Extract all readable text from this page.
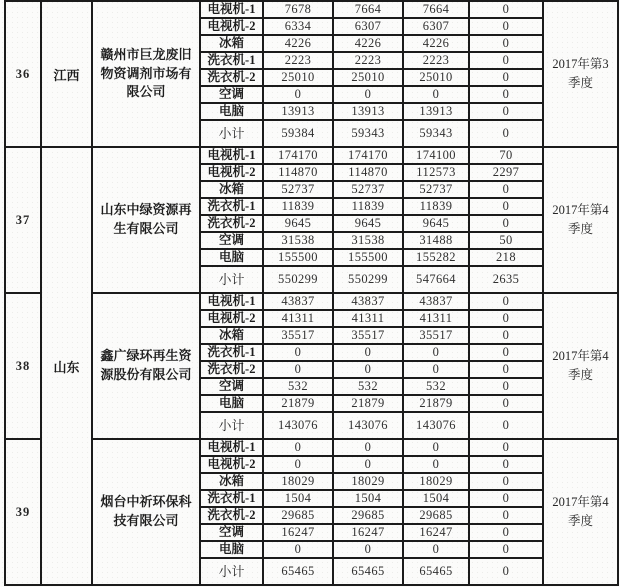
36	江西	赣州市巨龙废旧物资调剂市场有限公司	电视机-1	7678	7664	7664	0	2017年第3季度
			电视机-2	6334	6307	6307	0	
			冰箱	4226	4226	4226	0	
			洗衣机-1	2223	2223	2223	0	
			洗衣机-2	25010	25010	25010	0	
			空调	0	0	0	0	
			电脑	13913	13913	13913	0	
			小计	59384	59343	59343	0	
37	山东	山东中绿资源再生有限公司	电视机-1	174170	174170	174100	70	2017年第4季度
			电视机-2	114870	114870	112573	2297	
			冰箱	52737	52737	52737	0	
			洗衣机-1	11839	11839	11839	0	
			洗衣机-2	9645	9645	9645	0	
			空调	31538	31538	31488	50	
			电脑	155500	155500	155282	218	
			小计	550299	550299	547664	2635	
38		鑫广绿环再生资源股份有限公司	电视机-1	43837	43837	43837	0	2017年第4季度
			电视机-2	41311	41311	41311	0	
			冰箱	35517	35517	35517	0	
			洗衣机-1	0	0	0	0	
			洗衣机-2	0	0	0	0	
			空调	532	532	532	0	
			电脑	21879	21879	21879	0	
			小计	143076	143076	143076	0	
39		烟台中祈环保科技有限公司	电视机-1	0	0	0	0	2017年第4季度
			电视机-2	0	0	0	0	
			冰箱	18029	18029	18029	0	
			洗衣机-1	1504	1504	1504	0	
			洗衣机-2	29685	29685	29685	0	
			空调	16247	16247	16247	0	
			电脑	0	0	0	0	
			小计	65465	65465	65465	0	
